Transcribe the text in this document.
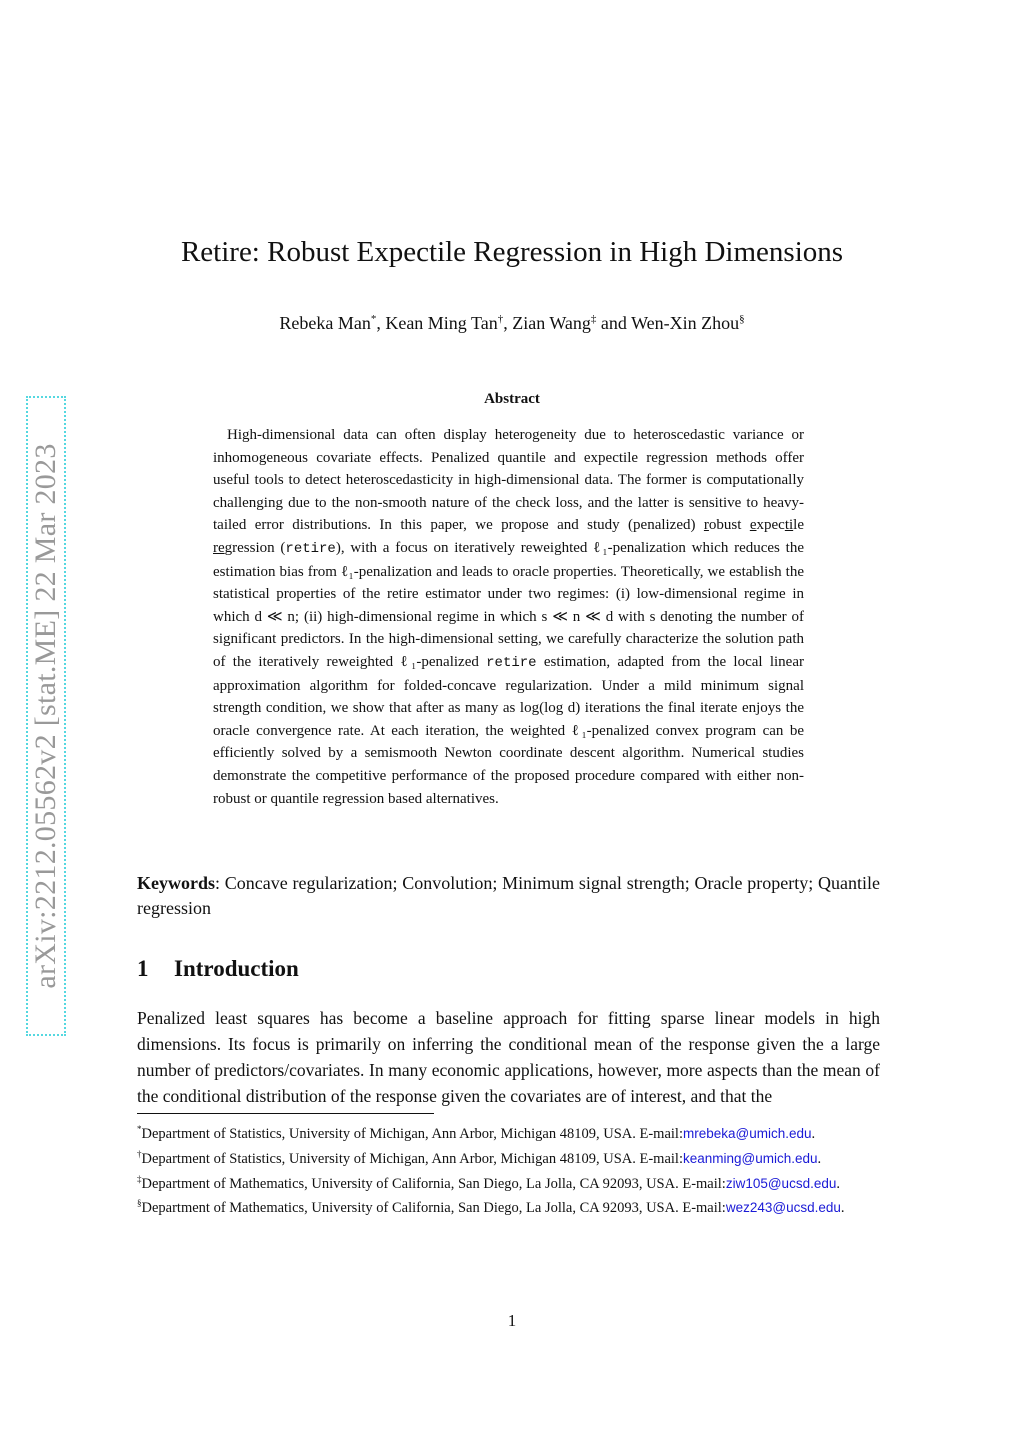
arXiv:2212.05562v2 [stat.ME] 22 Mar 2023
Retire: Robust Expectile Regression in High Dimensions
Rebeka Man*, Kean Ming Tan†, Zian Wang‡ and Wen-Xin Zhou§
Abstract

High-dimensional data can often display heterogeneity due to heteroscedastic variance or inhomogeneous covariate effects. Penalized quantile and expectile regression methods offer useful tools to detect heteroscedasticity in high-dimensional data. The former is computationally challenging due to the non-smooth nature of the check loss, and the latter is sensitive to heavy-tailed error distributions. In this paper, we propose and study (penalized) robust expectile regression (retire), with a focus on iteratively reweighted ℓ₁-penalization which reduces the estimation bias from ℓ₁-penalization and leads to oracle properties. Theoretically, we establish the statistical properties of the retire estimator under two regimes: (i) low-dimensional regime in which d ≪ n; (ii) high-dimensional regime in which s ≪ n ≪ d with s denoting the number of significant predictors. In the high-dimensional setting, we carefully characterize the solution path of the iteratively reweighted ℓ₁-penalized retire estimation, adapted from the local linear approximation algorithm for folded-concave regularization. Under a mild minimum signal strength condition, we show that after as many as log(log d) iterations the final iterate enjoys the oracle convergence rate. At each iteration, the weighted ℓ₁-penalized convex program can be efficiently solved by a semismooth Newton coordinate descent algorithm. Numerical studies demonstrate the competitive performance of the proposed procedure compared with either non-robust or quantile regression based alternatives.

Keywords: Concave regularization; Convolution; Minimum signal strength; Oracle property; Quantile regression

1 Introduction

Penalized least squares has become a baseline approach for fitting sparse linear models in high dimensions. Its focus is primarily on inferring the conditional mean of the response given the a large number of predictors/covariates. In many economic applications, however, more aspects than the mean of the conditional distribution of the response given the covariates are of interest, and that the

*Department of Statistics, University of Michigan, Ann Arbor, Michigan 48109, USA. E-mail:mrebeka@umich.edu.

†Department of Statistics, University of Michigan, Ann Arbor, Michigan 48109, USA. E-mail:keanming@umich.edu.

‡Department of Mathematics, University of California, San Diego, La Jolla, CA 92093, USA. E-mail:ziw105@ucsd.edu.

§Department of Mathematics, University of California, San Diego, La Jolla, CA 92093, USA. E-mail:wez243@ucsd.edu.

1
